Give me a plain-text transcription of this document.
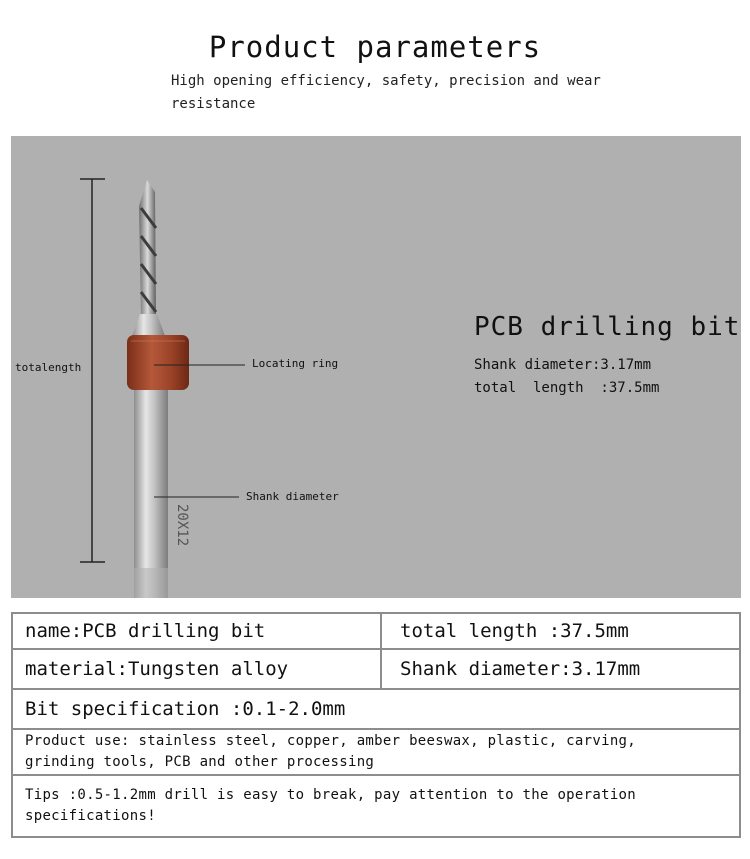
Product parameters
High opening efficiency, safety, precision and wear resistance
20X12
totalength	Locating ring
Shank diameter
PCB drilling bit
Shank diameter:3.17mm
total  length  :37.5mm
name:PCB drilling bit	total length :37.5mm
material:Tungsten alloy	Shank diameter:3.17mm
Bit specification :0.1-2.0mm
Product use: stainless steel, copper, amber beeswax, plastic, carving, grinding tools, PCB and other processing
Tips :0.5-1.2mm drill is easy to break, pay attention to the operation specifications!
